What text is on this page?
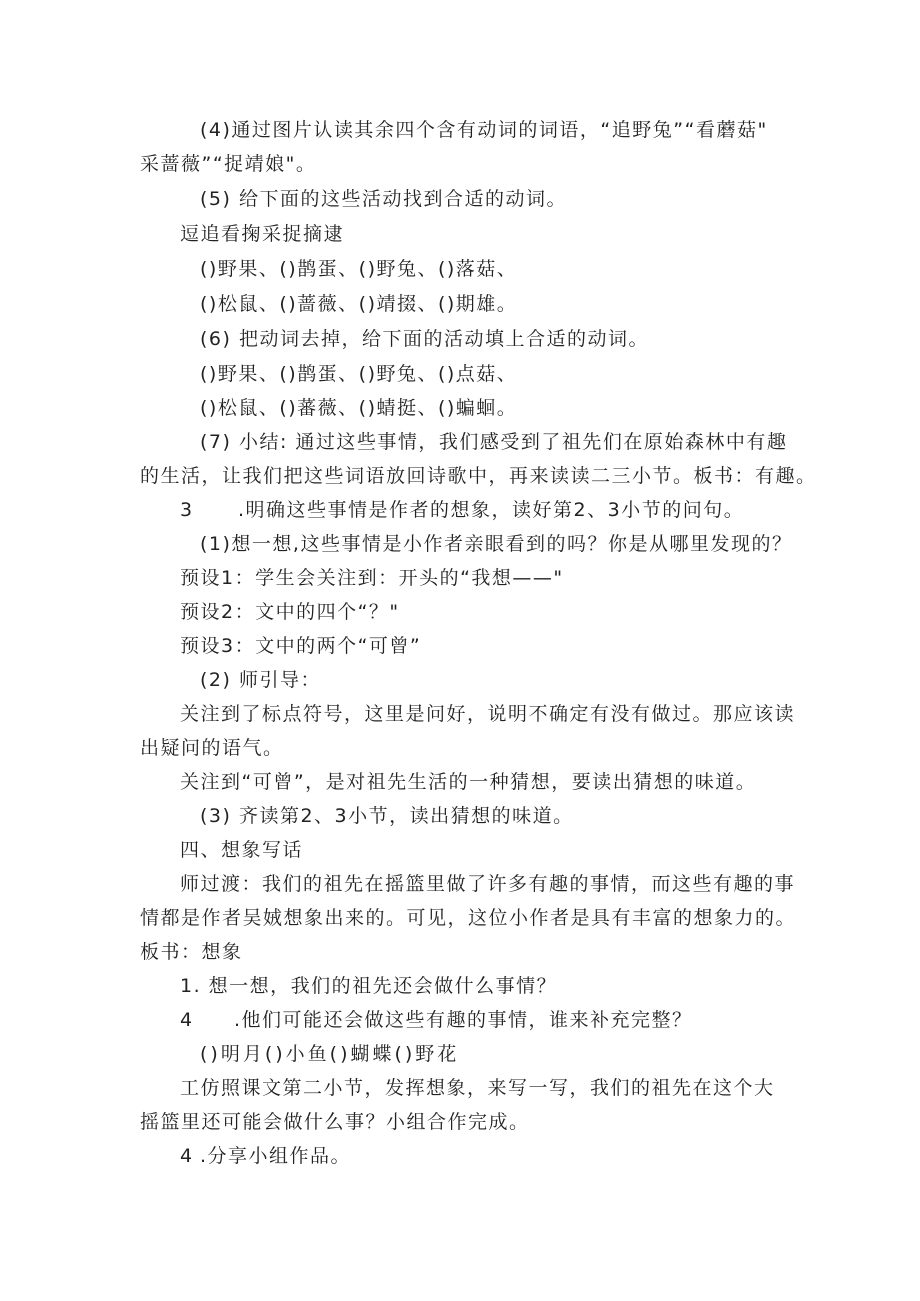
(4)通过图片认读其余四个含有动词的词语，“追野兔”“看蘑菇"
采蔷薇”“捉靖娘"。
(5) 给下面的这些活动找到合适的动词。
逗追看掬采捉摘逮
()野果、()鹊蛋、()野兔、()落菇、
()松鼠、()蔷薇、()靖掇、()期雄。
(6) 把动词去掉，给下面的活动填上合适的动词。
()野果、()鹊蛋、()野兔、()点菇、
()松鼠、()蕃薇、()蜻挺、()蝙蛔。
(7) 小结: 通过这些事情，我们感受到了祖先们在原始森林中有趣
的生活，让我们把这些词语放回诗歌中，再来读读二三小节。板书：有趣。
3 .明确这些事情是作者的想象，读好第2、3小节的问句。
(1)想一想,这些事情是小作者亲眼看到的吗？你是从哪里发现的？
预设1：学生会关注到：开头的“我想——"
预设2：文中的四个“？"
预设3：文中的两个“可曾”
(2) 师引导：
关注到了标点符号，这里是问好，说明不确定有没有做过。那应该读
出疑问的语气。
关注到“可曾”，是对祖先生活的一种猜想，要读出猜想的味道。
(3) 齐读第2、3小节，读出猜想的味道。
四、想象写话
师过渡：我们的祖先在摇篮里做了许多有趣的事情，而这些有趣的事
情都是作者吴娀想象出来的。可见，这位小作者是具有丰富的想象力的。
板书：想象
1. 想一想，我们的祖先还会做什么事情？
4 .他们可能还会做这些有趣的事情，谁来补充完整？
()明月()小鱼()蝴蝶()野花
工仿照课文第二小节，发挥想象，来写一写，我们的祖先在这个大
摇篮里还可能会做什么事？小组合作完成。
4 .分享小组作品。
